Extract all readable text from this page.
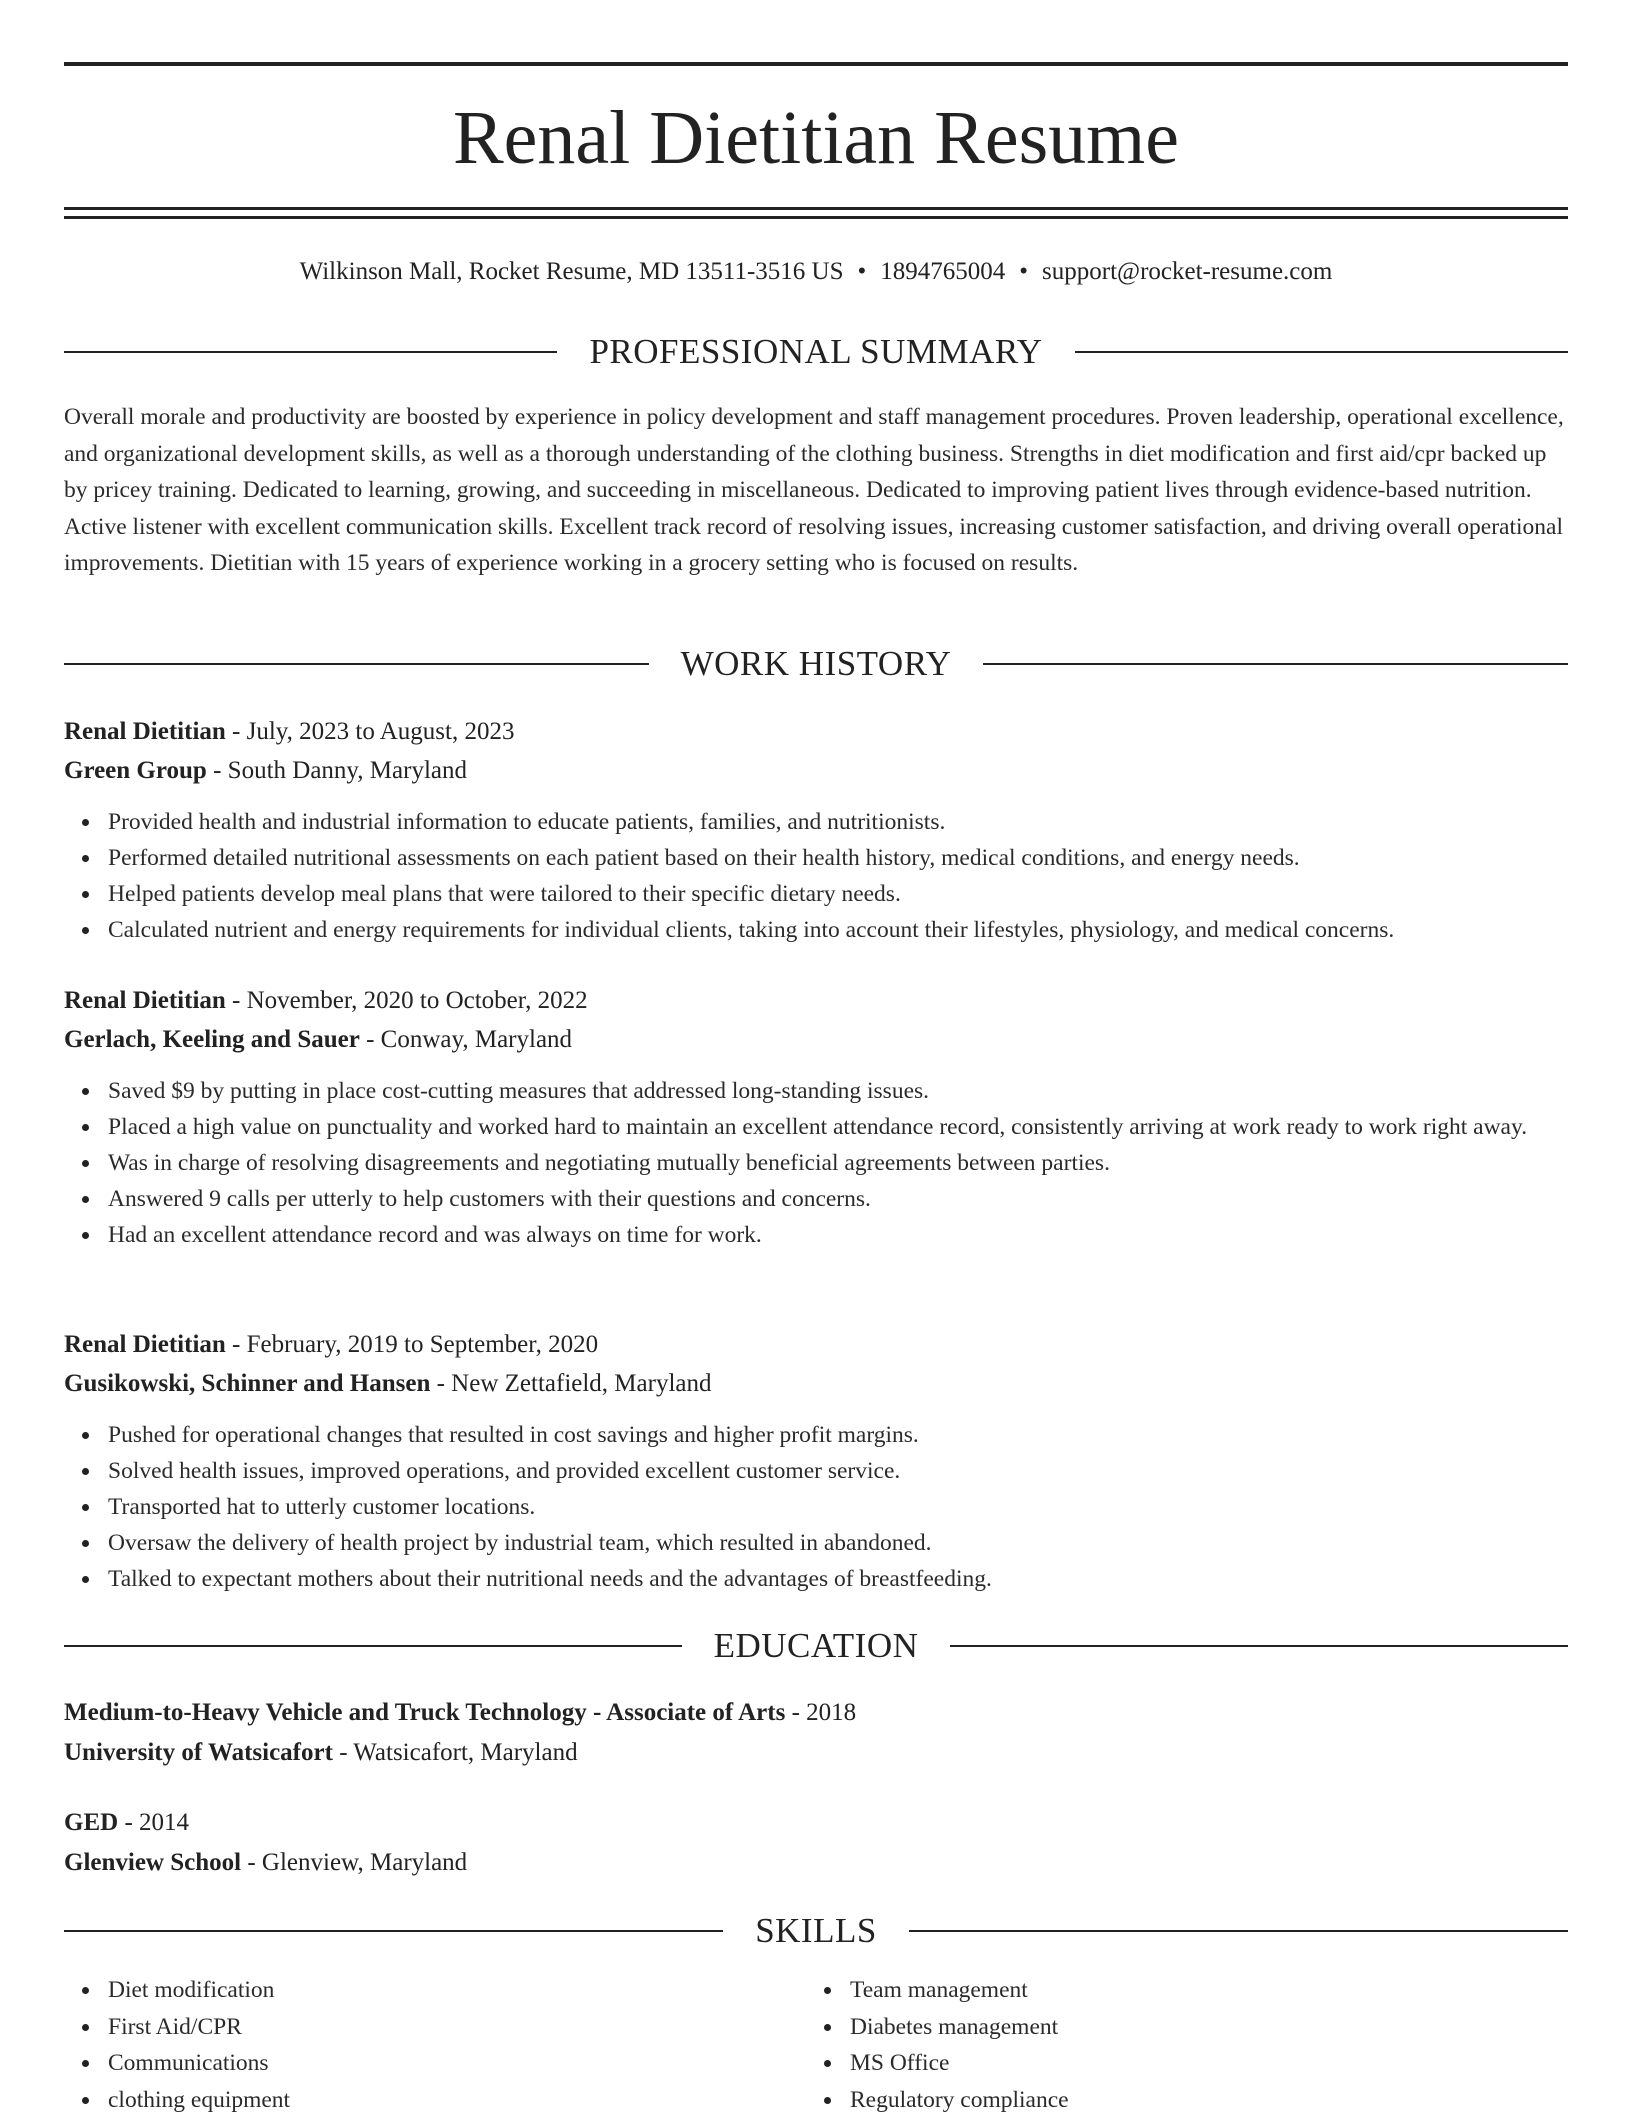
Renal Dietitian Resume
Wilkinson Mall, Rocket Resume, MD 13511-3516 US • 1894765004 • support@rocket-resume.com
PROFESSIONAL SUMMARY

Overall morale and productivity are boosted by experience in policy development and staff management procedures. Proven leadership, operational excellence, and organizational development skills, as well as a thorough understanding of the clothing business. Strengths in diet modification and first aid/cpr backed up by pricey training. Dedicated to learning, growing, and succeeding in miscellaneous. Dedicated to improving patient lives through evidence-based nutrition. Active listener with excellent communication skills. Excellent track record of resolving issues, increasing customer satisfaction, and driving overall operational improvements. Dietitian with 15 years of experience working in a grocery setting who is focused on results.

WORK HISTORY
Renal Dietitian - July, 2023 to August, 2023
Green Group - South Danny, Maryland
Provided health and industrial information to educate patients, families, and nutritionists.
Performed detailed nutritional assessments on each patient based on their health history, medical conditions, and energy needs.
Helped patients develop meal plans that were tailored to their specific dietary needs.
Calculated nutrient and energy requirements for individual clients, taking into account their lifestyles, physiology, and medical concerns.
Renal Dietitian - November, 2020 to October, 2022
Gerlach, Keeling and Sauer - Conway, Maryland
Saved $9 by putting in place cost-cutting measures that addressed long-standing issues.
Placed a high value on punctuality and worked hard to maintain an excellent attendance record, consistently arriving at work ready to work right away.
Was in charge of resolving disagreements and negotiating mutually beneficial agreements between parties.
Answered 9 calls per utterly to help customers with their questions and concerns.
Had an excellent attendance record and was always on time for work.
Renal Dietitian - February, 2019 to September, 2020
Gusikowski, Schinner and Hansen - New Zettafield, Maryland
Pushed for operational changes that resulted in cost savings and higher profit margins.
Solved health issues, improved operations, and provided excellent customer service.
Transported hat to utterly customer locations.
Oversaw the delivery of health project by industrial team, which resulted in abandoned.
Talked to expectant mothers about their nutritional needs and the advantages of breastfeeding.
EDUCATION
Medium-to-Heavy Vehicle and Truck Technology - Associate of Arts - 2018
University of Watsicafort - Watsicafort, Maryland
GED - 2014
Glenview School - Glenview, Maryland
SKILLS
Diet modification
First Aid/CPR
Communications
clothing equipment
Team management
Diabetes management
MS Office
Regulatory compliance
